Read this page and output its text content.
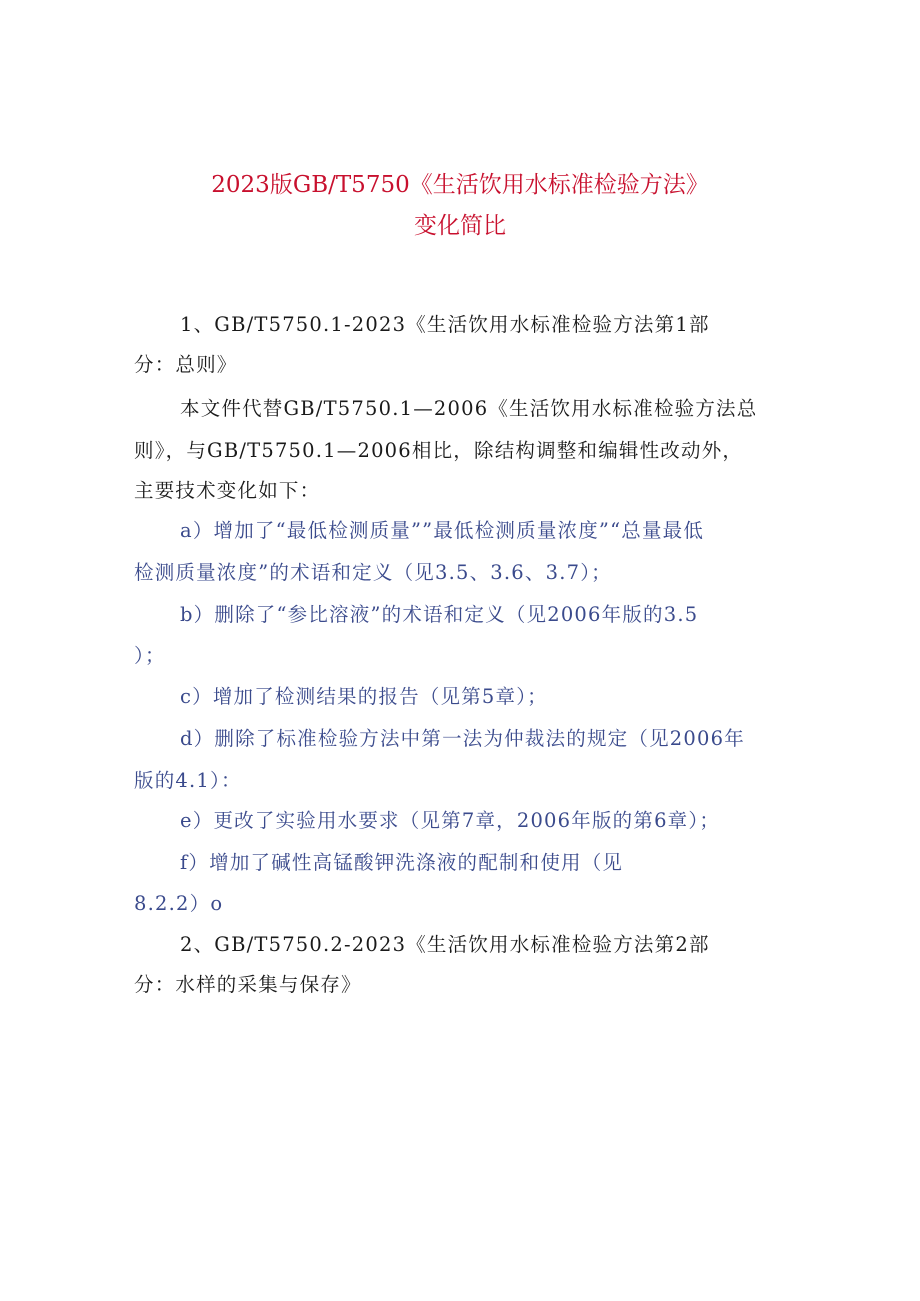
2023版GB/T5750《生活饮用水标准检验方法》
变化简比
1、GB/T5750.1-2023《生活饮用水标准检验方法第1部
分：总则》
本文件代替GB/T5750.1—2006《生活饮用水标准检验方法总
则》，与GB/T5750.1—2006相比，除结构调整和编辑性改动外，
主要技术变化如下：
a）增加了“最低检测质量””最低检测质量浓度”“总量最低
检测质量浓度”的术语和定义（见3.5、3.6、3.7）；
b）删除了“参比溶液”的术语和定义（见2006年版的3.5
）；
c）增加了检测结果的报告（见第5章）；
d）删除了标准检验方法中第一法为仲裁法的规定（见2006年
版的4.1）：
e）更改了实验用水要求（见第7章，2006年版的第6章）；
f）增加了碱性高锰酸钾洗涤液的配制和使用（见
8.2.2）o
2、GB/T5750.2-2023《生活饮用水标准检验方法第2部
分：水样的采集与保存》
